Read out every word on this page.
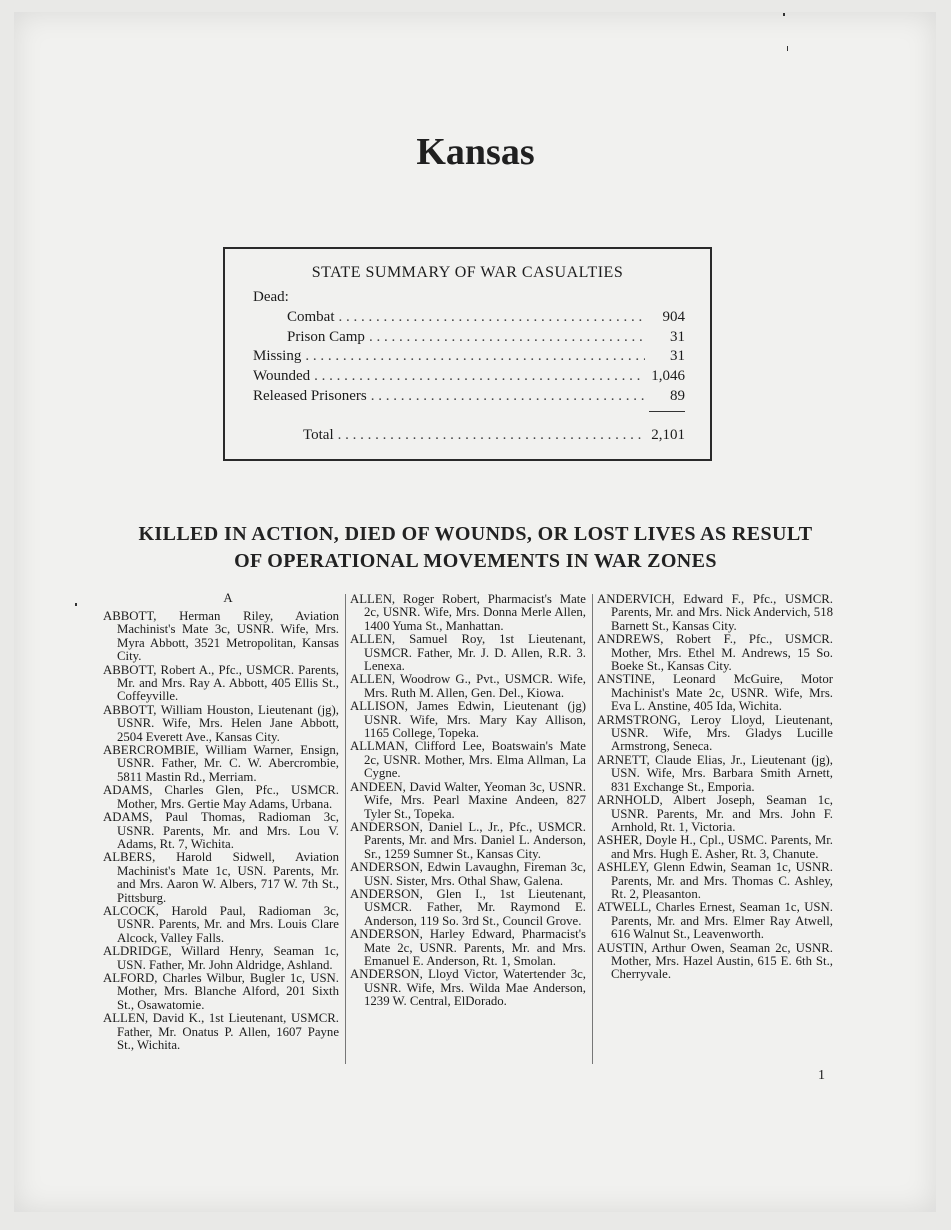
Kansas
STATE SUMMARY OF WAR CASUALTIES
Dead:
Combat . . .	904
Prison Camp . . .	31
Missing . . .	31
Wounded . . .	1,046
Released Prisoners . . .	89
Total . . .	2,101
KILLED IN ACTION, DIED OF WOUNDS, OR LOST LIVES AS RESULT
OF OPERATIONAL MOVEMENTS IN WAR ZONES
A

ABBOTT, Herman Riley, Aviation Machinist's Mate 3c, USNR. Wife, Mrs. Myra Abbott, 3521 Metropolitan, Kansas City.

ABBOTT, Robert A., Pfc., USMCR. Parents, Mr. and Mrs. Ray A. Abbott, 405 Ellis St., Coffeyville.

ABBOTT, William Houston, Lieutenant (jg), USNR. Wife, Mrs. Helen Jane Abbott, 2504 Everett Ave., Kansas City.

ABERCROMBIE, William Warner, Ensign, USNR. Father, Mr. C. W. Abercrombie, 5811 Mastin Rd., Merriam.

ADAMS, Charles Glen, Pfc., USMCR. Mother, Mrs. Gertie May Adams, Urbana.

ADAMS, Paul Thomas, Radioman 3c, USNR. Parents, Mr. and Mrs. Lou V. Adams, Rt. 7, Wichita.

ALBERS, Harold Sidwell, Aviation Machinist's Mate 1c, USN. Parents, Mr. and Mrs. Aaron W. Albers, 717 W. 7th St., Pittsburg.

ALCOCK, Harold Paul, Radioman 3c, USNR. Parents, Mr. and Mrs. Louis Clare Alcock, Valley Falls.

ALDRIDGE, Willard Henry, Seaman 1c, USN. Father, Mr. John Aldridge, Ashland.

ALFORD, Charles Wilbur, Bugler 1c, USN. Mother, Mrs. Blanche Alford, 201 Sixth St., Osawatomie.

ALLEN, David K., 1st Lieutenant, USMCR. Father, Mr. Onatus P. Allen, 1607 Payne St., Wichita.

ALLEN, Roger Robert, Pharmacist's Mate 2c, USNR. Wife, Mrs. Donna Merle Allen, 1400 Yuma St., Manhattan.

ALLEN, Samuel Roy, 1st Lieutenant, USMCR. Father, Mr. J. D. Allen, R.R. 3. Lenexa.

ALLEN, Woodrow G., Pvt., USMCR. Wife, Mrs. Ruth M. Allen, Gen. Del., Kiowa.

ALLISON, James Edwin, Lieutenant (jg) USNR. Wife, Mrs. Mary Kay Allison, 1165 College, Topeka.

ALLMAN, Clifford Lee, Boatswain's Mate 2c, USNR. Mother, Mrs. Elma Allman, La Cygne.

ANDEEN, David Walter, Yeoman 3c, USNR. Wife, Mrs. Pearl Maxine Andeen, 827 Tyler St., Topeka.

ANDERSON, Daniel L., Jr., Pfc., USMCR. Parents, Mr. and Mrs. Daniel L. Anderson, Sr., 1259 Sumner St., Kansas City.

ANDERSON, Edwin Lavaughn, Fireman 3c, USN. Sister, Mrs. Othal Shaw, Galena.

ANDERSON, Glen I., 1st Lieutenant, USMCR. Father, Mr. Raymond E. Anderson, 119 So. 3rd St., Council Grove.

ANDERSON, Harley Edward, Pharmacist's Mate 2c, USNR. Parents, Mr. and Mrs. Emanuel E. Anderson, Rt. 1, Smolan.

ANDERSON, Lloyd Victor, Watertender 3c, USNR. Wife, Mrs. Wilda Mae Anderson, 1239 W. Central, ElDorado.

ANDERVICH, Edward F., Pfc., USMCR. Parents, Mr. and Mrs. Nick Andervich, 518 Barnett St., Kansas City.

ANDREWS, Robert F., Pfc., USMCR. Mother, Mrs. Ethel M. Andrews, 15 So. Boeke St., Kansas City.

ANSTINE, Leonard McGuire, Motor Machinist's Mate 2c, USNR. Wife, Mrs. Eva L. Anstine, 405 Ida, Wichita.

ARMSTRONG, Leroy Lloyd, Lieutenant, USNR. Wife, Mrs. Gladys Lucille Armstrong, Seneca.

ARNETT, Claude Elias, Jr., Lieutenant (jg), USN. Wife, Mrs. Barbara Smith Arnett, 831 Exchange St., Emporia.

ARNHOLD, Albert Joseph, Seaman 1c, USNR. Parents, Mr. and Mrs. John F. Arnhold, Rt. 1, Victoria.

ASHER, Doyle H., Cpl., USMC. Parents, Mr. and Mrs. Hugh E. Asher, Rt. 3, Chanute.

ASHLEY, Glenn Edwin, Seaman 1c, USNR. Parents, Mr. and Mrs. Thomas C. Ashley, Rt. 2, Pleasanton.

ATWELL, Charles Ernest, Seaman 1c, USN. Parents, Mr. and Mrs. Elmer Ray Atwell, 616 Walnut St., Leavenworth.

AUSTIN, Arthur Owen, Seaman 2c, USNR. Mother, Mrs. Hazel Austin, 615 E. 6th St., Cherryvale.

1
